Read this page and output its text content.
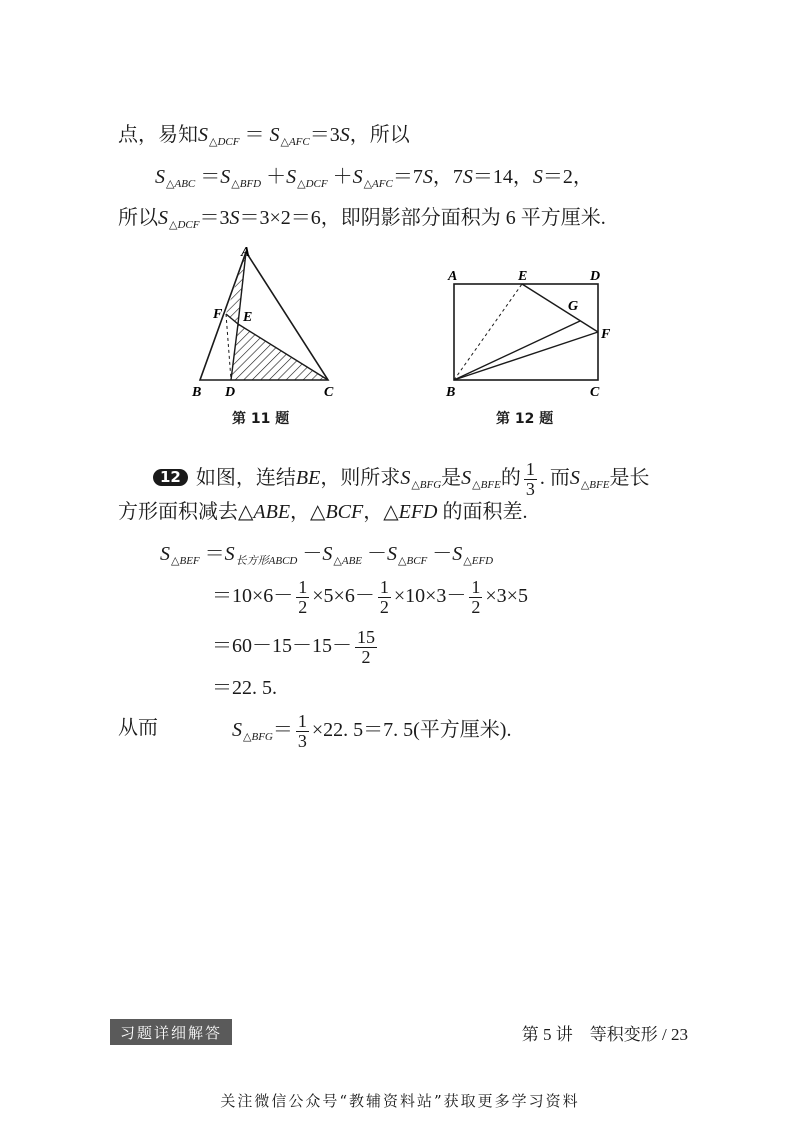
点，易知$S_{\triangle DCF} = S_{\triangle AFC}=3S$，所以
$S_{\triangle ABC} =S_{\triangle BFD} +S_{\triangle DCF} +S_{\triangle AFC}=7S$，7S＝14，S＝2，
所以$S_{\triangle DCF}=3S=3\times 2=6$，即阴影部分面积为 6 平方厘米.
A
F E
B D	C
第 11 题
A	E	D
G
F
B	C
第 12 题
12 如图，连结BE，则所求$S_{\triangle BFG}$是$S_{\triangle BFE}$的 $\frac{1}{3}$ . 而$S_{\triangle BFE}$是长
方形面积减去△ABE，△BCF，△EFD 的面积差.
$S_{\triangle BEF} =S_{长方形ABCD} -S_{\triangle ABE} -S_{\triangle BCF} -S_{\triangle EFD}$
$=10\times 6- \frac{1}{2} \times 5\times 6- \frac{1}{2} \times 10\times 3- \frac{1}{2} \times 3\times 5$
$=60-15-15- \frac{15}{2}$
＝22. 5.
从而	$S_{\triangle BFG}= \frac{1}{3} \times 22$. 5＝7. 5(平方厘米).
习题详细解答	第 5 讲　等积变形 / 23
关注微信公众号“教辅资料站”获取更多学习资料
